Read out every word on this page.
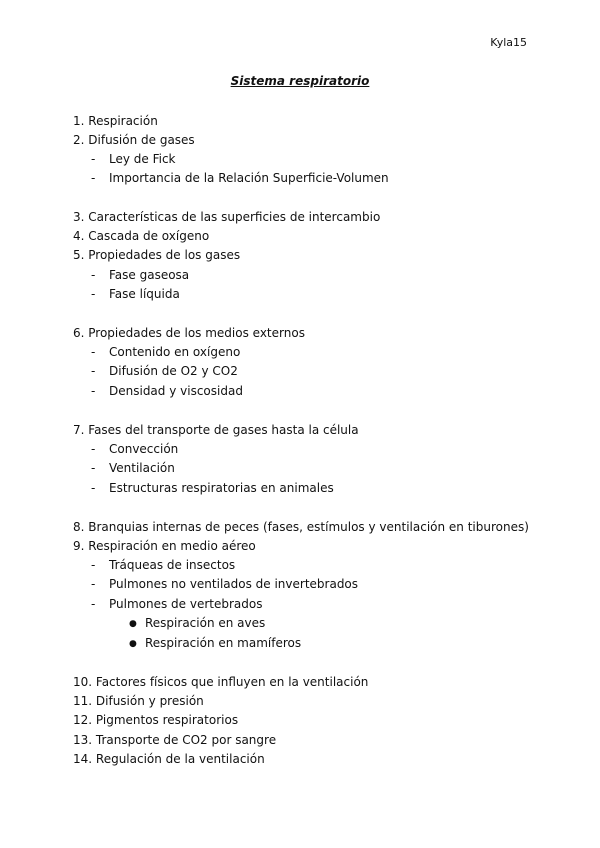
Kyla15
Sistema respiratorio
1. Respiración
2. Difusión de gases
- Ley de Fick
- Importancia de la Relación Superficie-Volumen
3. Características de las superficies de intercambio
4. Cascada de oxígeno
5. Propiedades de los gases
- Fase gaseosa
- Fase líquida
6. Propiedades de los medios externos
- Contenido en oxígeno
- Difusión de O2 y CO2
- Densidad y viscosidad
7. Fases del transporte de gases hasta la célula
- Convección
- Ventilación
- Estructuras respiratorias en animales
8. Branquias internas de peces (fases, estímulos y ventilación en tiburones)
9. Respiración en medio aéreo
- Tráqueas de insectos
- Pulmones no ventilados de invertebrados
- Pulmones de vertebrados
● Respiración en aves
● Respiración en mamíferos
10. Factores físicos que influyen en la ventilación
11. Difusión y presión
12. Pigmentos respiratorios
13. Transporte de CO2 por sangre
14. Regulación de la ventilación
